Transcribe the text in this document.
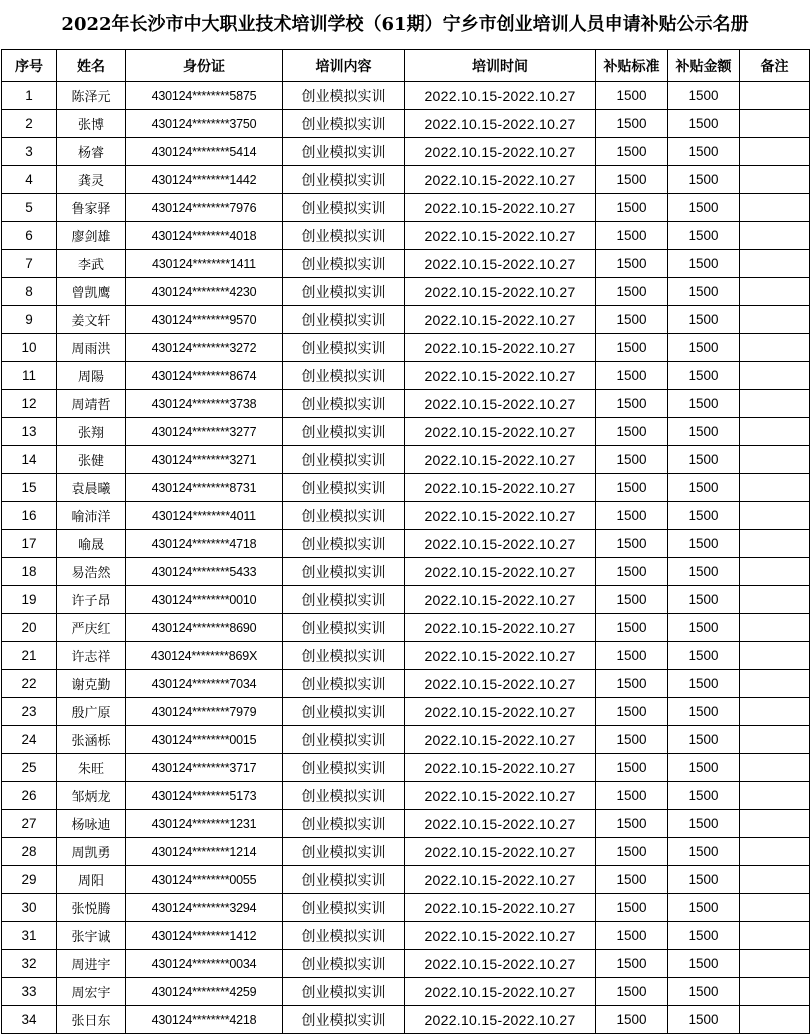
2022年长沙市中大职业技术培训学校（61期）宁乡市创业培训人员申请补贴公示名册
序号	姓名	身份证	培训内容	培训时间	补贴标准	补贴金额	备注
1	陈泽元	430124********5875	创业模拟实训	2022.10.15-2022.10.27	1500	1500	
2	张博	430124********3750	创业模拟实训	2022.10.15-2022.10.27	1500	1500	
3	杨睿	430124********5414	创业模拟实训	2022.10.15-2022.10.27	1500	1500	
4	龚灵	430124********1442	创业模拟实训	2022.10.15-2022.10.27	1500	1500	
5	鲁家驿	430124********7976	创业模拟实训	2022.10.15-2022.10.27	1500	1500	
6	廖剑雄	430124********4018	创业模拟实训	2022.10.15-2022.10.27	1500	1500	
7	李武	430124********1411	创业模拟实训	2022.10.15-2022.10.27	1500	1500	
8	曾凯鹰	430124********4230	创业模拟实训	2022.10.15-2022.10.27	1500	1500	
9	姜文轩	430124********9570	创业模拟实训	2022.10.15-2022.10.27	1500	1500	
10	周雨洪	430124********3272	创业模拟实训	2022.10.15-2022.10.27	1500	1500	
11	周陽	430124********8674	创业模拟实训	2022.10.15-2022.10.27	1500	1500	
12	周靖哲	430124********3738	创业模拟实训	2022.10.15-2022.10.27	1500	1500	
13	张翔	430124********3277	创业模拟实训	2022.10.15-2022.10.27	1500	1500	
14	张健	430124********3271	创业模拟实训	2022.10.15-2022.10.27	1500	1500	
15	袁晨曦	430124********8731	创业模拟实训	2022.10.15-2022.10.27	1500	1500	
16	喻沛洋	430124********4011	创业模拟实训	2022.10.15-2022.10.27	1500	1500	
17	喻晟	430124********4718	创业模拟实训	2022.10.15-2022.10.27	1500	1500	
18	易浩然	430124********5433	创业模拟实训	2022.10.15-2022.10.27	1500	1500	
19	许子昂	430124********0010	创业模拟实训	2022.10.15-2022.10.27	1500	1500	
20	严庆红	430124********8690	创业模拟实训	2022.10.15-2022.10.27	1500	1500	
21	许志祥	430124********869X	创业模拟实训	2022.10.15-2022.10.27	1500	1500	
22	谢克勤	430124********7034	创业模拟实训	2022.10.15-2022.10.27	1500	1500	
23	殷广原	430124********7979	创业模拟实训	2022.10.15-2022.10.27	1500	1500	
24	张涵栎	430124********0015	创业模拟实训	2022.10.15-2022.10.27	1500	1500	
25	朱旺	430124********3717	创业模拟实训	2022.10.15-2022.10.27	1500	1500	
26	邹炳龙	430124********5173	创业模拟实训	2022.10.15-2022.10.27	1500	1500	
27	杨咏迪	430124********1231	创业模拟实训	2022.10.15-2022.10.27	1500	1500	
28	周凯勇	430124********1214	创业模拟实训	2022.10.15-2022.10.27	1500	1500	
29	周阳	430124********0055	创业模拟实训	2022.10.15-2022.10.27	1500	1500	
30	张悦腾	430124********3294	创业模拟实训	2022.10.15-2022.10.27	1500	1500	
31	张宇诚	430124********1412	创业模拟实训	2022.10.15-2022.10.27	1500	1500	
32	周进宇	430124********0034	创业模拟实训	2022.10.15-2022.10.27	1500	1500	
33	周宏宇	430124********4259	创业模拟实训	2022.10.15-2022.10.27	1500	1500	
34	张日东	430124********4218	创业模拟实训	2022.10.15-2022.10.27	1500	1500	
